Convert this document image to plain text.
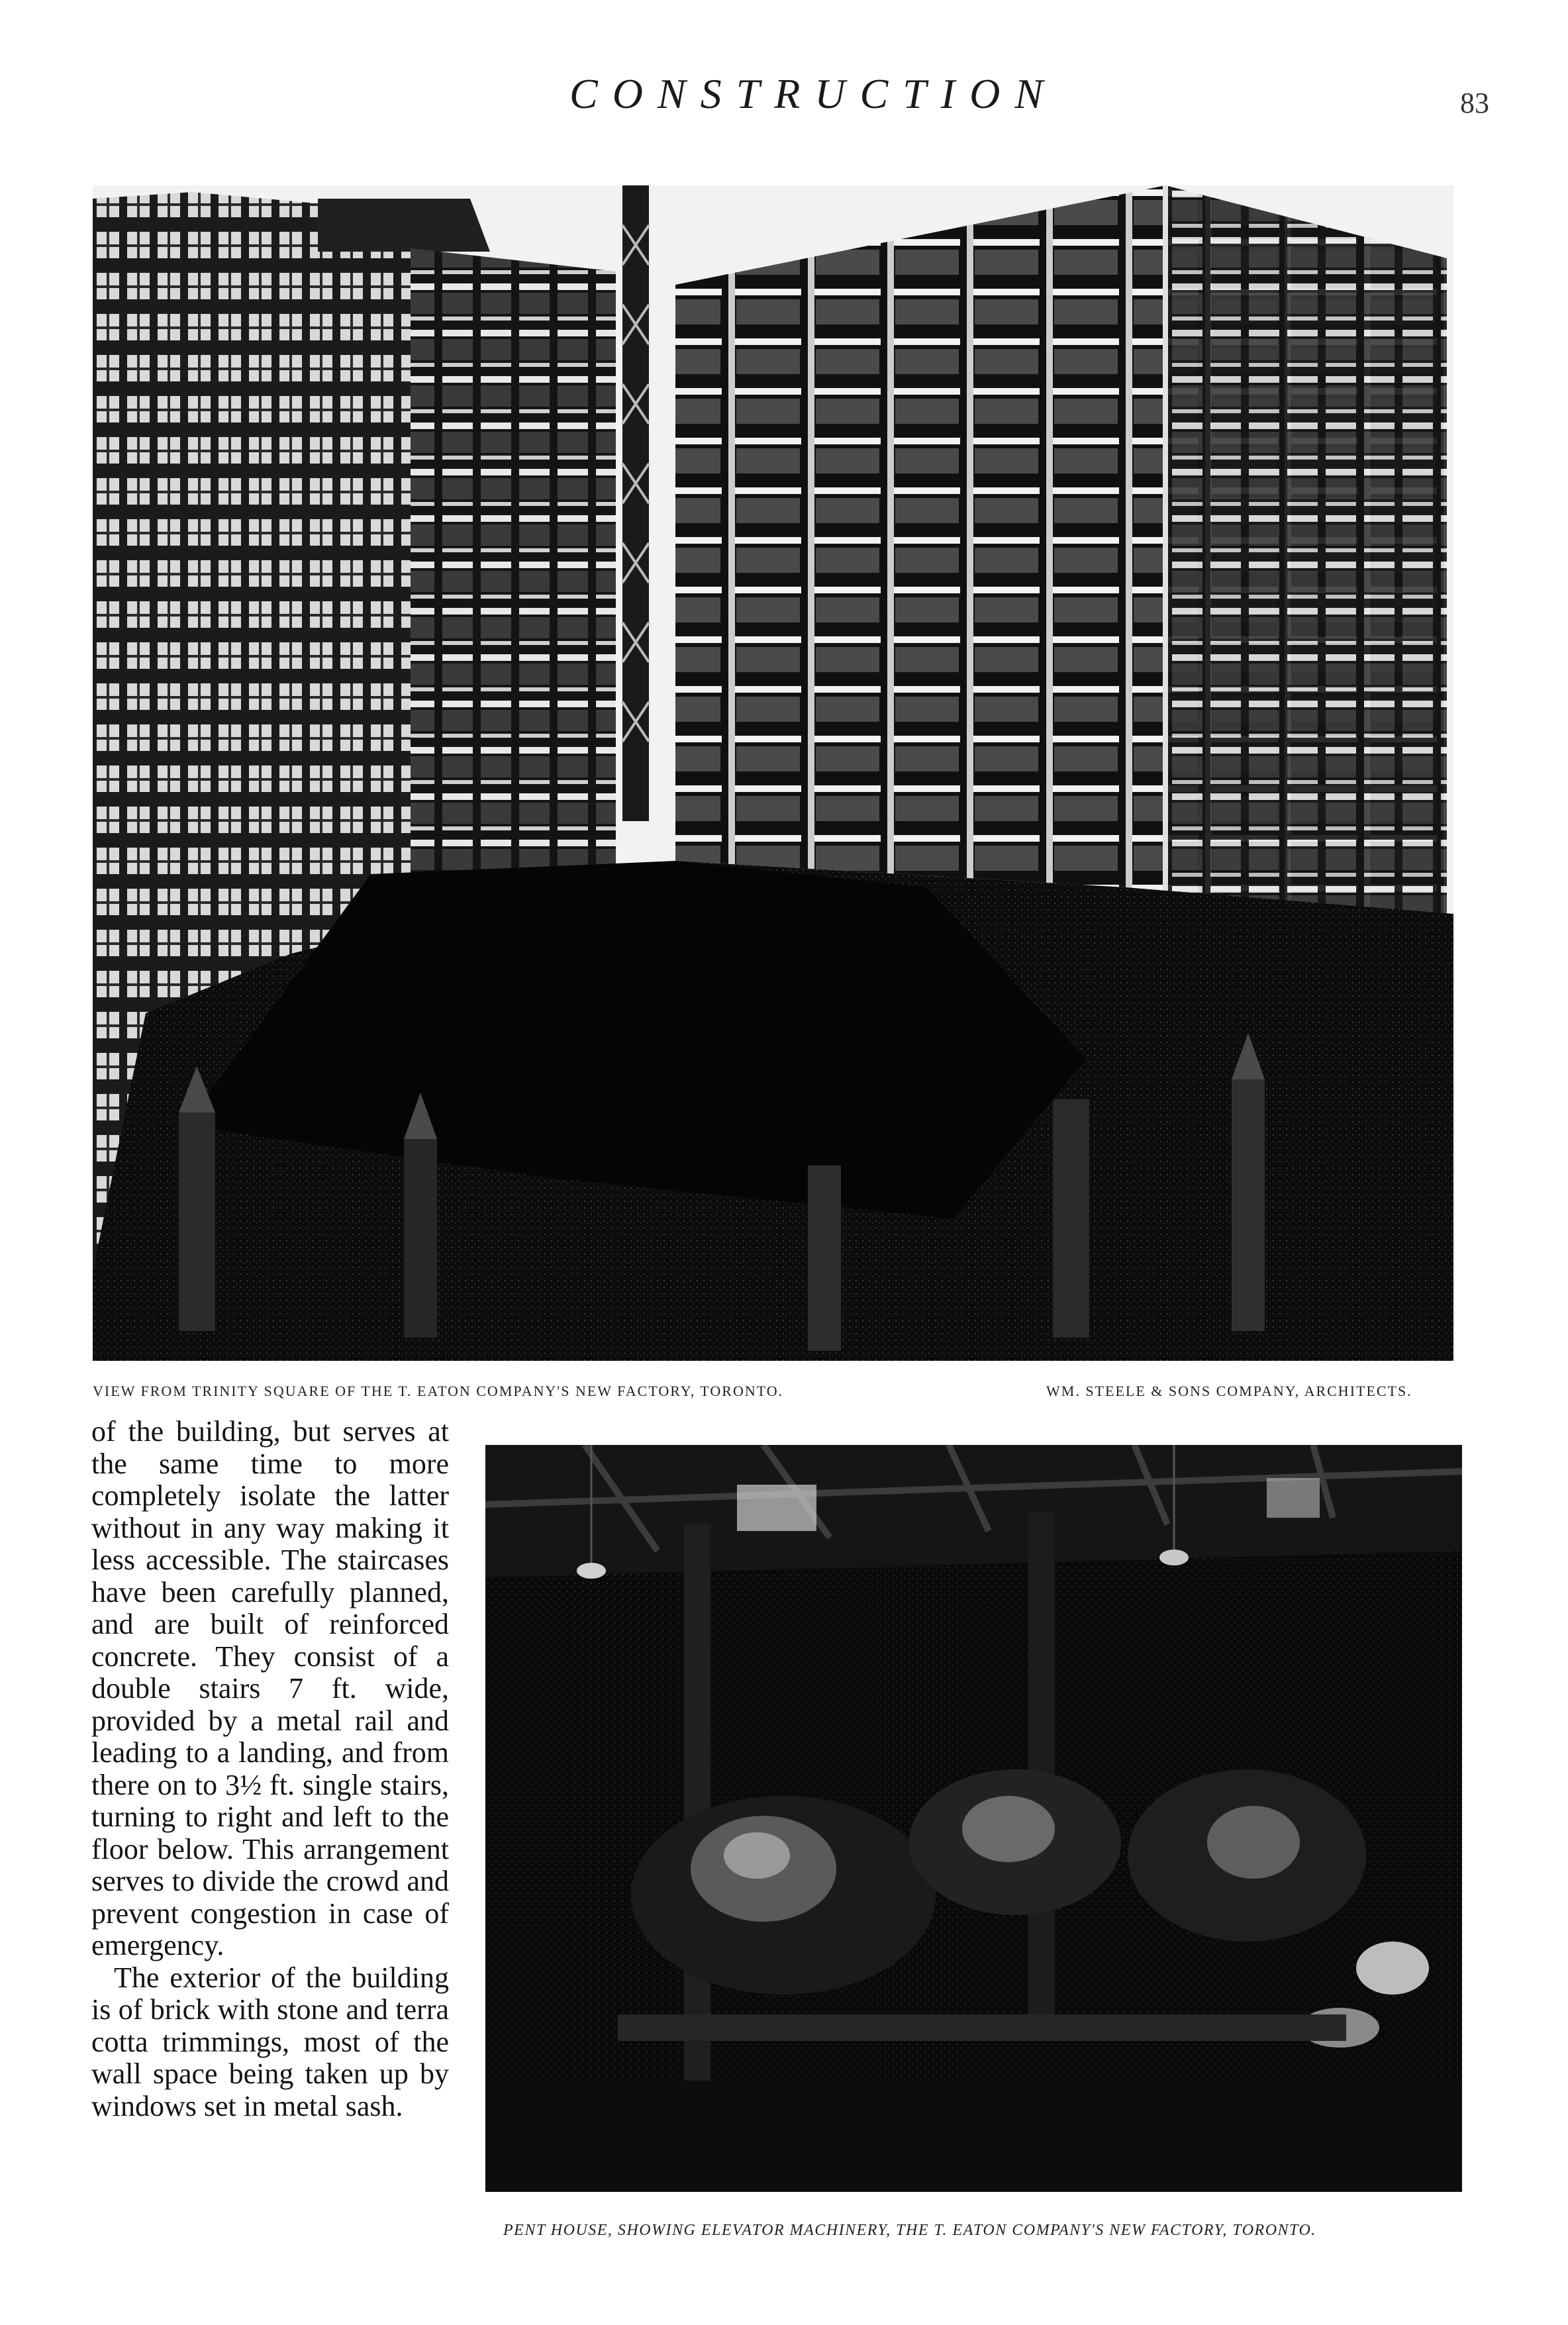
CONSTRUCTION	83
VIEW FROM TRINITY SQUARE OF THE T. EATON COMPANY'S NEW FACTORY, TORONTO.	WM. STEELE & SONS COMPANY, ARCHITECTS.

of the building, but serves at the same time to more completely isolate the latter without in any way making it less accessible. The staircases have been carefully planned, and are built of reinforced concrete. They consist of a double stairs 7 ft. wide, provided by a metal rail and leading to a landing, and from there on to 3½ ft. single stairs, turning to right and left to the floor below. This arrangement serves to divide the crowd and prevent congestion in case of emergency.

The exterior of the building is of brick with stone and terra cotta trimmings, most of the wall space being taken up by windows set in metal sash.

PENT HOUSE, SHOWING ELEVATOR MACHINERY, THE T. EATON COMPANY'S NEW FACTORY, TORONTO.
